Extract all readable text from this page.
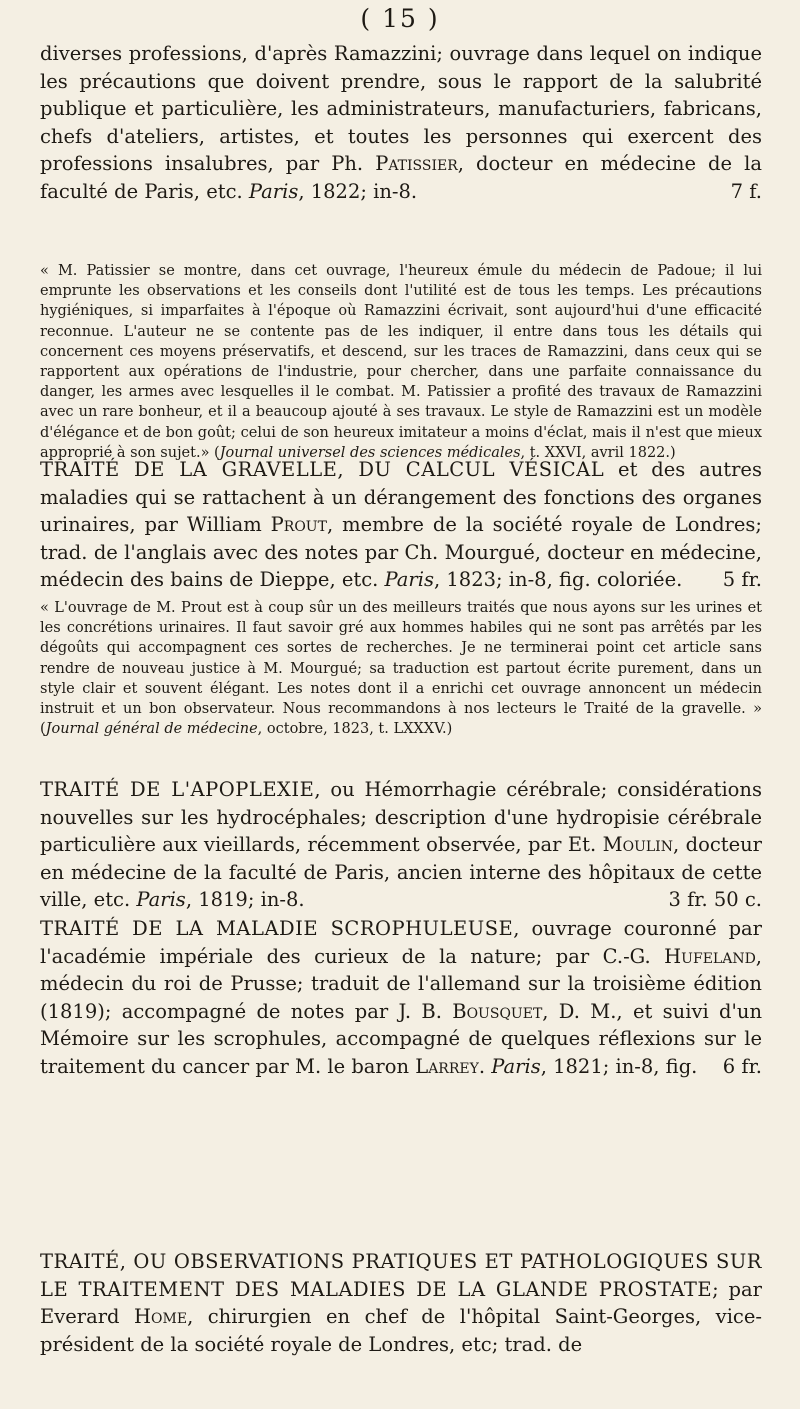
( 15 )
diverses professions, d'après Ramazzini; ouvrage dans lequel on indique les précautions que doivent prendre, sous le rapport de la salubrité publique et particulière, les administrateurs, manufacturiers, fabricans, chefs d'ateliers, artistes, et toutes les personnes qui exercent des professions insalubres, par Ph. Patissier, docteur en médecine de la faculté de Paris, etc. Paris, 1822; in-8.	7 f.
« M. Patissier se montre, dans cet ouvrage, l'heureux émule du médecin de Padoue; il lui emprunte les observations et les conseils dont l'utilité est de tous les temps. Les précautions hygiéniques, si imparfaites à l'époque où Ramazzini écrivait, sont aujourd'hui d'une efficacité reconnue. L'auteur ne se contente pas de les indiquer, il entre dans tous les détails qui concernent ces moyens préservatifs, et descend, sur les traces de Ramazzini, dans ceux qui se rapportent aux opérations de l'industrie, pour chercher, dans une parfaite connaissance du danger, les armes avec lesquelles il le combat. M. Patissier a profité des travaux de Ramazzini avec un rare bonheur, et il a beaucoup ajouté à ses travaux. Le style de Ramazzini est un modèle d'élégance et de bon goût; celui de son heureux imitateur a moins d'éclat, mais il n'est que mieux approprié à son sujet.» (Journal universel des sciences médicales, t. XXVI, avril 1822.)
TRAITÉ DE LA GRAVELLE, DU CALCUL VÉSICAL et des autres maladies qui se rattachent à un dérangement des fonctions des organes urinaires, par William Prout, membre de la société royale de Londres; trad. de l'anglais avec des notes par Ch. Mourgué, docteur en médecine, médecin des bains de Dieppe, etc. Paris, 1823; in-8, fig. coloriée. 5 fr.
« L'ouvrage de M. Prout est à coup sûr un des meilleurs traités que nous ayons sur les urines et les concrétions urinaires. Il faut savoir gré aux hommes habiles qui ne sont pas arrêtés par les dégoûts qui accompagnent ces sortes de recherches. Je ne terminerai point cet article sans rendre de nouveau justice à M. Mourgué; sa traduction est partout écrite purement, dans un style clair et souvent élégant. Les notes dont il a enrichi cet ouvrage annoncent un médecin instruit et un bon observateur. Nous recommandons à nos lecteurs le Traité de la gravelle. » (Journal général de médecine, octobre, 1823, t. LXXXV.)
TRAITÉ DE L'APOPLEXIE, ou Hémorrhagie cérébrale; considérations nouvelles sur les hydrocéphales; description d'une hydropisie cérébrale particulière aux vieillards, récemment observée, par Et. Moulin, docteur en médecine de la faculté de Paris, ancien interne des hôpitaux de cette ville, etc. Paris, 1819; in-8.	3 fr. 50 c.
TRAITÉ DE LA MALADIE SCROPHULEUSE, ouvrage couronné par l'académie impériale des curieux de la nature; par C.-G. Hufeland, médecin du roi de Prusse; traduit de l'allemand sur la troisième édition (1819); accompagné de notes par J. B. Bousquet, D. M., et suivi d'un Mémoire sur les scrophules, accompagné de quelques réflexions sur le traitement du cancer par M. le baron Larrey. Paris, 1821; in-8, fig. 6 fr.
TRAITÉ, OU OBSERVATIONS PRATIQUES ET PATHOLOGIQUES SUR LE TRAITEMENT DES MALADIES DE LA GLANDE PROSTATE; par Everard Home, chirurgien en chef de l'hôpital Saint-Georges, vice-président de la société royale de Londres, etc; trad. de
